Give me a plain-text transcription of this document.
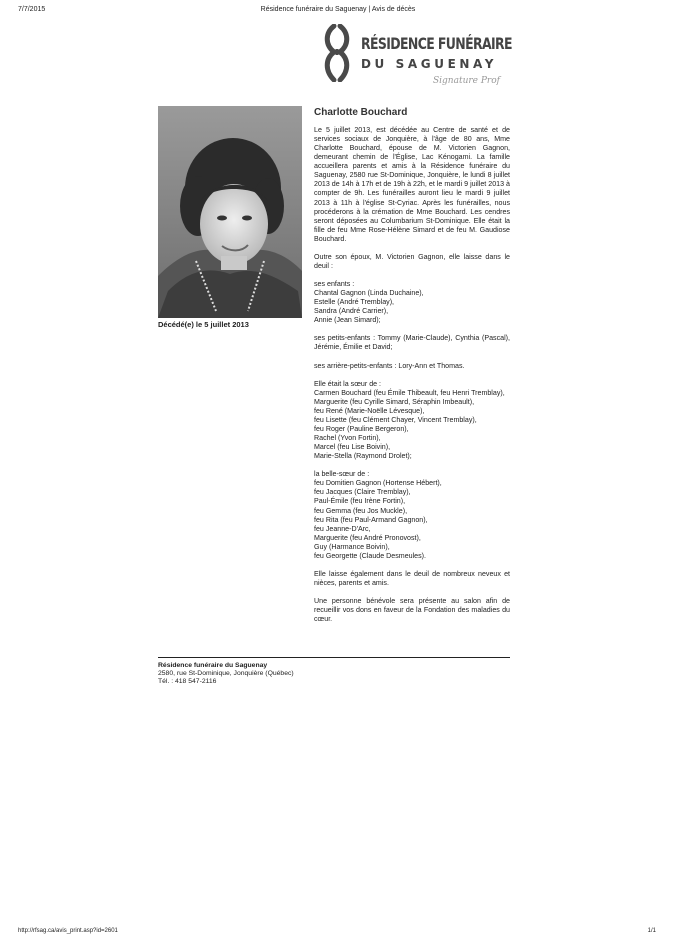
7/7/2015	Résidence funéraire du Saguenay | Avis de décès
RÉSIDENCE FUNÉRAIRE
DU SAGUENAY
Signature Prof
Décédé(e) le 5 juillet 2013
Charlotte Bouchard

Le 5 juillet 2013, est décédée au Centre de santé et de services sociaux de Jonquière, à l'âge de 80 ans, Mme Charlotte Bouchard, épouse de M. Victorien Gagnon, demeurant chemin de l'Église, Lac Kénogami. La famille accueillera parents et amis à la Résidence funéraire du Saguenay, 2580 rue St-Dominique, Jonquière, le lundi 8 juillet 2013 de 14h à 17h et de 19h à 22h, et le mardi 9 juillet 2013 à compter de 9h. Les funérailles auront lieu le mardi 9 juillet 2013 à 11h à l'église St-Cyriac. Après les funérailles, nous procéderons à la crémation de Mme Bouchard. Les cendres seront déposées au Columbarium St-Dominique. Elle était la fille de feu Mme Rose-Hélène Simard et de feu M. Gaudiose Bouchard.

Outre son époux, M. Victorien Gagnon, elle laisse dans le deuil :

ses enfants :
Chantal Gagnon (Linda Duchaine),
Estelle (André Tremblay),
Sandra (André Carrier),
Annie (Jean Simard);

ses petits-enfants : Tommy (Marie-Claude), Cynthia (Pascal), Jérémie, Émilie et David;

ses arrière-petits-enfants : Lory-Ann et Thomas.

Elle était la sœur de :
Carmen Bouchard (feu Émile Thibeault, feu Henri Tremblay),
Marguerite (feu Cyrille Simard, Séraphin Imbeault),
feu René (Marie-Noëlle Lévesque),
feu Lisette (feu Clément Chayer, Vincent Tremblay),
feu Roger (Pauline Bergeron),
Rachel (Yvon Fortin),
Marcel (feu Lise Boivin),
Marie-Stella (Raymond Drolet);

la belle-sœur de :
feu Domitien Gagnon (Hortense Hébert),
feu Jacques (Claire Tremblay),
Paul-Émile (feu Irène Fortin),
feu Gemma (feu Jos Muckle),
feu Rita (feu Paul-Armand Gagnon),
feu Jeanne-D'Arc,
Marguerite (feu André Pronovost),
Guy (Harmance Boivin),
feu Georgette (Claude Desmeules).

Elle laisse également dans le deuil de nombreux neveux et nièces, parents et amis.

Une personne bénévole sera présente au salon afin de recueillir vos dons en faveur de la Fondation des maladies du cœur.

Résidence funéraire du Saguenay
2580, rue St-Dominique, Jonquière (Québec)
Tél. : 418 547-2116
http://rfsag.ca/avis_print.asp?id=2601	1/1
